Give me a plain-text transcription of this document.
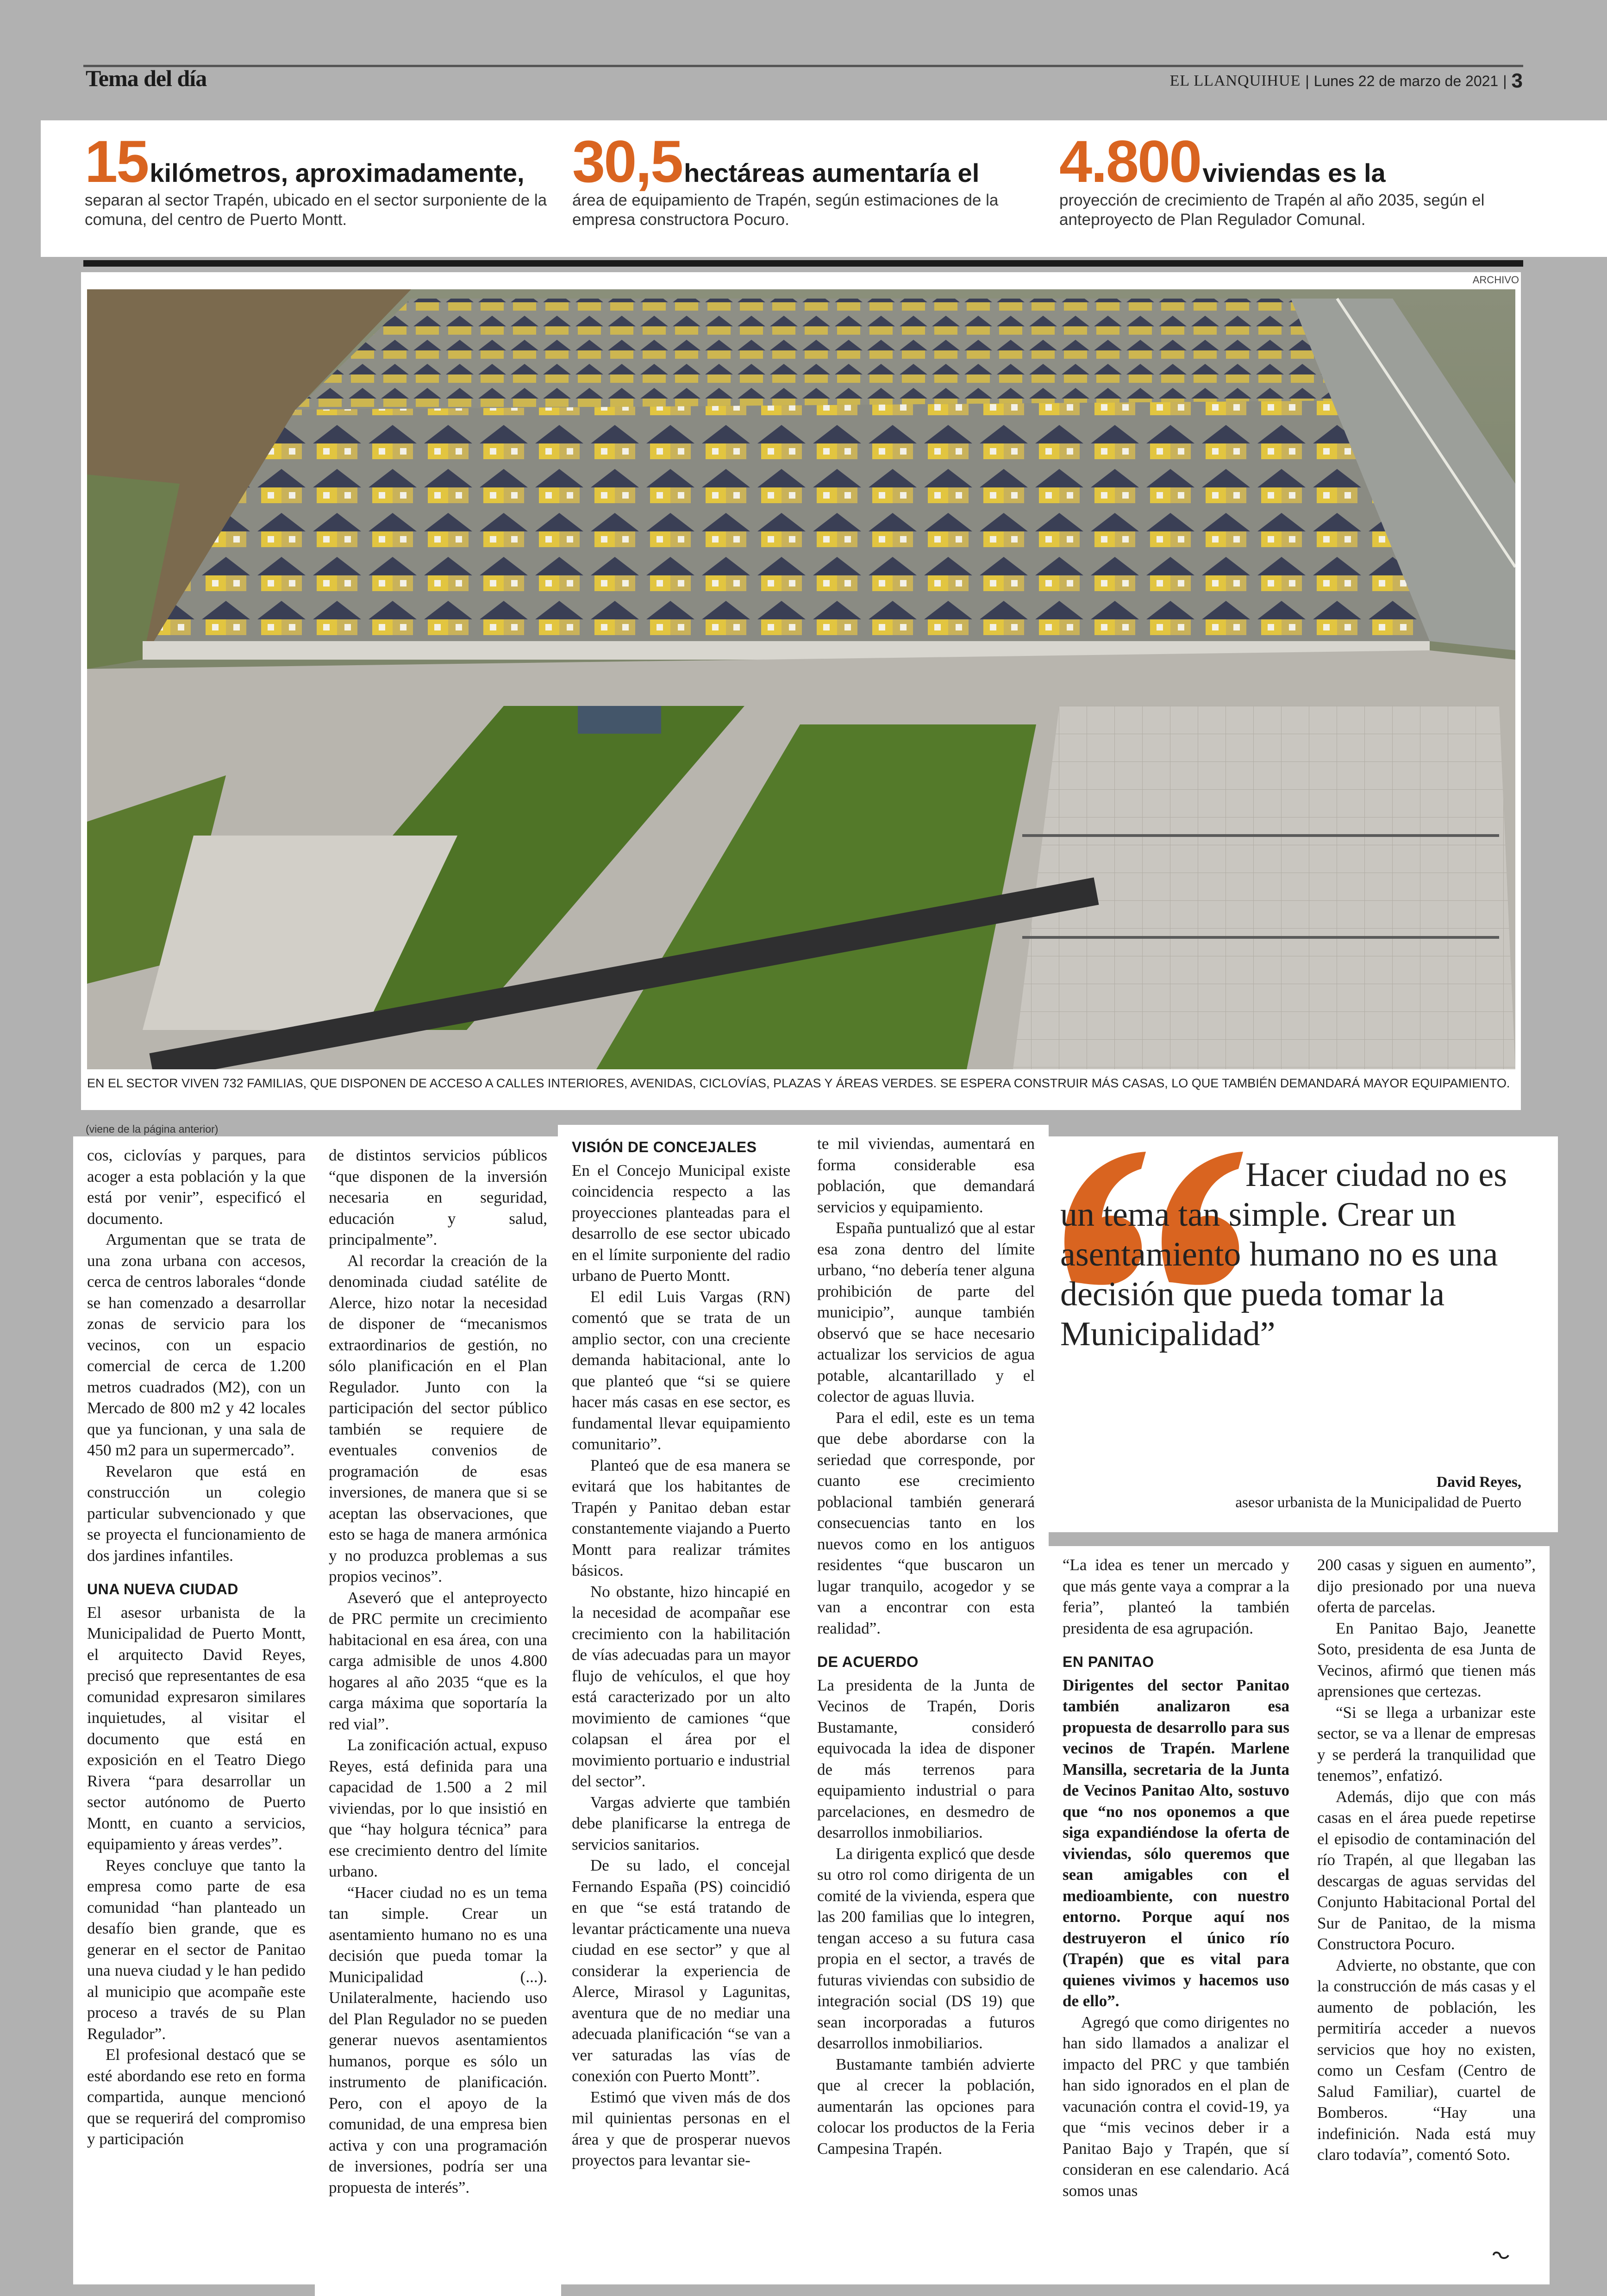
Tema del día	EL LLANQUIHUE | Lunes 22 de marzo de 2021 | 3
15 kilómetros, aproximadamente,
separan al sector Trapén, ubicado en el sector surponiente de la comuna, del centro de Puerto Montt.
30,5 hectáreas aumentaría el
área de equipamiento de Trapén, según estimaciones de la empresa constructora Pocuro.
4.800 viviendas es la
proyección de crecimiento de Trapén al año 2035, según el anteproyecto de Plan Regulador Comunal.
ARCHIVO
EN EL SECTOR VIVEN 732 FAMILIAS, QUE DISPONEN DE ACCESO A CALLES INTERIORES, AVENIDAS, CICLOVÍAS, PLAZAS Y ÁREAS VERDES. SE ESPERA CONSTRUIR MÁS CASAS, LO QUE TAMBIÉN DEMANDARÁ MAYOR EQUIPAMIENTO.
(viene de la página anterior)

cos, ciclovías y parques, para acoger a esta población y la que está por venir”, especificó el documento.

Argumentan que se trata de una zona urbana con accesos, cerca de centros laborales “donde se han comenzado a desarrollar zonas de servicio para los vecinos, con un espacio comercial de cerca de 1.200 metros cuadrados (M2), con un Mercado de 800 m2 y 42 locales que ya funcionan, y una sala de 450 m2 para un supermercado”.

Revelaron que está en construcción un colegio particular subvencionado y que se proyecta el funcionamiento de dos jardines infantiles.

UNA NUEVA CIUDAD

El asesor urbanista de la Municipalidad de Puerto Montt, el arquitecto David Reyes, precisó que representantes de esa comunidad expresaron similares inquietudes, al visitar el documento que está en exposición en el Teatro Diego Rivera “para desarrollar un sector autónomo de Puerto Montt, en cuanto a servicios, equipamiento y áreas verdes”.

Reyes concluye que tanto la empresa como parte de esa comunidad “han planteado un desafío bien grande, que es generar en el sector de Panitao una nueva ciudad y le han pedido al municipio que acompañe este proceso a través de su Plan Regulador”.

El profesional destacó que se esté abordando ese reto en forma compartida, aunque mencionó que se requerirá del compromiso y participación

de distintos servicios públicos “que disponen de la inversión necesaria en seguridad, educación y salud, principalmente”.

Al recordar la creación de la denominada ciudad satélite de Alerce, hizo notar la necesidad de disponer de “mecanismos extraordinarios de gestión, no sólo planificación en el Plan Regulador. Junto con la participación del sector público también se requiere de eventuales convenios de programación de esas inversiones, de manera que si se aceptan las observaciones, que esto se haga de manera armónica y no produzca problemas a sus propios vecinos”.

Aseveró que el anteproyecto de PRC permite un crecimiento habitacional en esa área, con una carga admisible de unos 4.800 hogares al año 2035 “que es la carga máxima que soportaría la red vial”.

La zonificación actual, expuso Reyes, está definida para una capacidad de 1.500 a 2 mil viviendas, por lo que insistió en que “hay holgura técnica” para ese crecimiento dentro del límite urbano.

“Hacer ciudad no es un tema tan simple. Crear un asentamiento humano no es una decisión que pueda tomar la Municipalidad (...). Unilateralmente, haciendo uso del Plan Regulador no se pueden generar nuevos asentamientos humanos, porque es sólo un instrumento de planificación. Pero, con el apoyo de la comunidad, de una empresa bien activa y con una programación de inversiones, podría ser una propuesta de interés”.

VISIÓN DE CONCEJALES

En el Concejo Municipal existe coincidencia respecto a las proyecciones planteadas para el desarrollo de ese sector ubicado en el límite surponiente del radio urbano de Puerto Montt.

El edil Luis Vargas (RN) comentó que se trata de un amplio sector, con una creciente demanda habitacional, ante lo que planteó que “si se quiere hacer más casas en ese sector, es fundamental llevar equipamiento comunitario”.

Planteó que de esa manera se evitará que los habitantes de Trapén y Panitao deban estar constantemente viajando a Puerto Montt para realizar trámites básicos.

No obstante, hizo hincapié en la necesidad de acompañar ese crecimiento con la habilitación de vías adecuadas para un mayor flujo de vehículos, el que hoy está caracterizado por un alto movimiento de camiones “que colapsan el área por el movimiento portuario e industrial del sector”.

Vargas advierte que también debe planificarse la entrega de servicios sanitarios.

De su lado, el concejal Fernando España (PS) coincidió en que “se está tratando de levantar prácticamente una nueva ciudad en ese sector” y que al considerar la experiencia de Alerce, Mirasol y Lagunitas, aventura que de no mediar una adecuada planificación “se van a ver saturadas las vías de conexión con Puerto Montt”.

Estimó que viven más de dos mil quinientas personas en el área y que de prosperar nuevos proyectos para levantar sie-

te mil viviendas, aumentará en forma considerable esa población, que demandará servicios y equipamiento.

España puntualizó que al estar esa zona dentro del límite urbano, “no debería tener alguna prohibición de parte del municipio”, aunque también observó que se hace necesario actualizar los servicios de agua potable, alcantarillado y el colector de aguas lluvia.

Para el edil, este es un tema que debe abordarse con la seriedad que corresponde, por cuanto ese crecimiento poblacional también generará consecuencias tanto en los nuevos como en los antiguos residentes “que buscaron un lugar tranquilo, acogedor y se van a encontrar con esta realidad”.

DE ACUERDO

La presidenta de la Junta de Vecinos de Trapén, Doris Bustamante, consideró equivocada la idea de disponer de más terrenos para equipamiento industrial o para parcelaciones, en desmedro de desarrollos inmobiliarios.

La dirigenta explicó que desde su otro rol como dirigenta de un comité de la vivienda, espera que las 200 familias que lo integren, tengan acceso a su futura casa propia en el sector, a través de futuras viviendas con subsidio de integración social (DS 19) que sean incorporadas a futuros desarrollos inmobiliarios.

Bustamante también advierte que al crecer la población, aumentarán las opciones para colocar los productos de la Feria Campesina Trapén.

Hacer ciudad no es un tema tan simple. Crear un asentamiento humano no es una decisión que pueda tomar la Municipalidad”
David Reyes,
asesor urbanista de la Municipalidad de Puerto

“La idea es tener un mercado y que más gente vaya a comprar a la feria”, planteó la también presidenta de esa agrupación.

EN PANITAO

Dirigentes del sector Panitao también analizaron esa propuesta de desarrollo para sus vecinos de Trapén. Marlene Mansilla, secretaria de la Junta de Vecinos Panitao Alto, sostuvo que “no nos oponemos a que siga expandiéndose la oferta de viviendas, sólo queremos que sean amigables con el medioambiente, con nuestro entorno. Porque aquí nos destruyeron el único río (Trapén) que es vital para quienes vivimos y hacemos uso de ello”.

Agregó que como dirigentes no han sido llamados a analizar el impacto del PRC y que también han sido ignorados en el plan de vacunación contra el covid-19, ya que “mis vecinos deber ir a Panitao Bajo y Trapén, que sí consideran en ese calendario. Acá somos unas

200 casas y siguen en aumento”, dijo presionado por una nueva oferta de parcelas.

En Panitao Bajo, Jeanette Soto, presidenta de esa Junta de Vecinos, afirmó que tienen más aprensiones que certezas.

“Si se llega a urbanizar este sector, se va a llenar de empresas y se perderá la tranquilidad que tenemos”, enfatizó.

Además, dijo que con más casas en el área puede repetirse el episodio de contaminación del río Trapén, al que llegaban las descargas de aguas servidas del Conjunto Habitacional Portal del Sur de Panitao, de la misma Constructora Pocuro.

Advierte, no obstante, que con la construcción de más casas y el aumento de población, les permitiría acceder a nuevos servicios que hoy no existen, como un Cesfam (Centro de Salud Familiar), cuartel de Bomberos. “Hay una indefinición. Nada está muy claro todavía”, comentó Soto.
